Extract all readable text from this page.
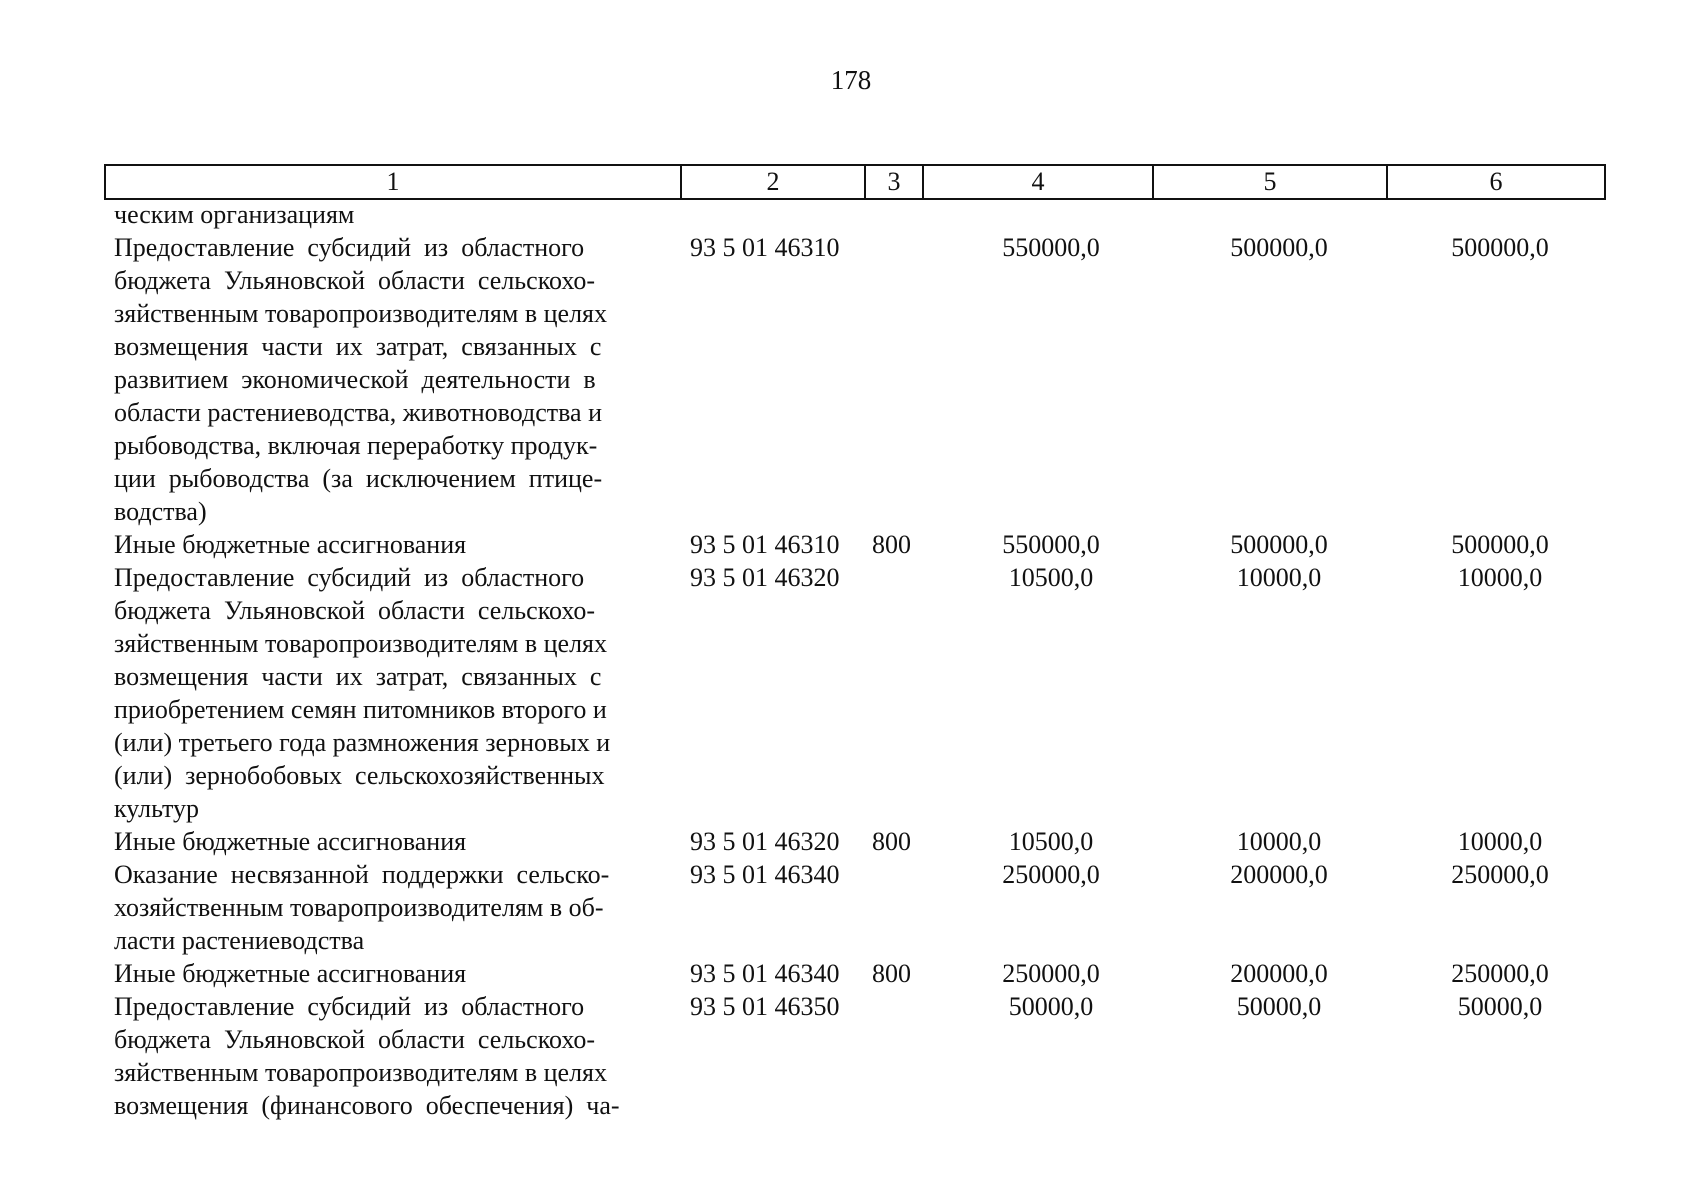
178
1	2	3	4	5	6
ческим организациям
Предоставление  субсидий  из  областного
бюджета  Ульяновской  области  сельскохо-
зяйственным товаропроизводителям в целях
возмещения  части  их  затрат,  связанных  с
развитием  экономической  деятельности  в
области растениеводства, животноводства и
рыбоводства, включая переработку продук-
ции  рыбоводства  (за  исключением  птице-
водства)
93 5 01 46310	550000,0	500000,0	500000,0
Иные бюджетные ассигнования	93 5 01 46310 800	550000,0	500000,0	500000,0
Предоставление  субсидий  из  областного
бюджета  Ульяновской  области  сельскохо-
зяйственным товаропроизводителям в целях
возмещения  части  их  затрат,  связанных  с
приобретением семян питомников второго и
(или) третьего года размножения зерновых и
(или)  зернобобовых  сельскохозяйственных
культур
93 5 01 46320	10500,0	10000,0	10000,0
Иные бюджетные ассигнования	93 5 01 46320 800	10500,0	10000,0	10000,0
Оказание  несвязанной  поддержки  сельско-
хозяйственным товаропроизводителям в об-
ласти растениеводства
93 5 01 46340	250000,0	200000,0	250000,0
Иные бюджетные ассигнования	93 5 01 46340 800	250000,0	200000,0	250000,0
Предоставление  субсидий  из  областного
бюджета  Ульяновской  области  сельскохо-
зяйственным товаропроизводителям в целях
возмещения  (финансового  обеспечения)  ча-
93 5 01 46350	50000,0	50000,0	50000,0
